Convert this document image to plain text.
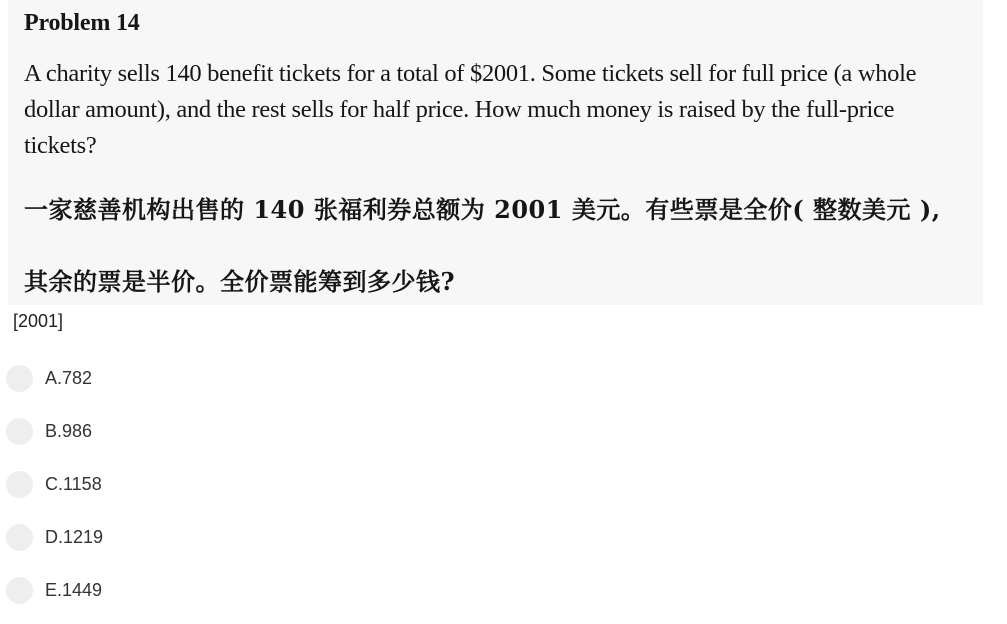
Problem 14
A charity sells 140 benefit tickets for a total of $2001. Some tickets sell for full price (a whole dollar amount), and the rest sells for half price. How much money is raised by the full-price tickets?
一家慈善机构出售的 140 张福利券总额为 2001 美元。有些票是全价( 整数美元 ),
其余的票是半价。全价票能筹到多少钱?
[2001]
A.782
B.986
C.1158
D.1219
E.1449
